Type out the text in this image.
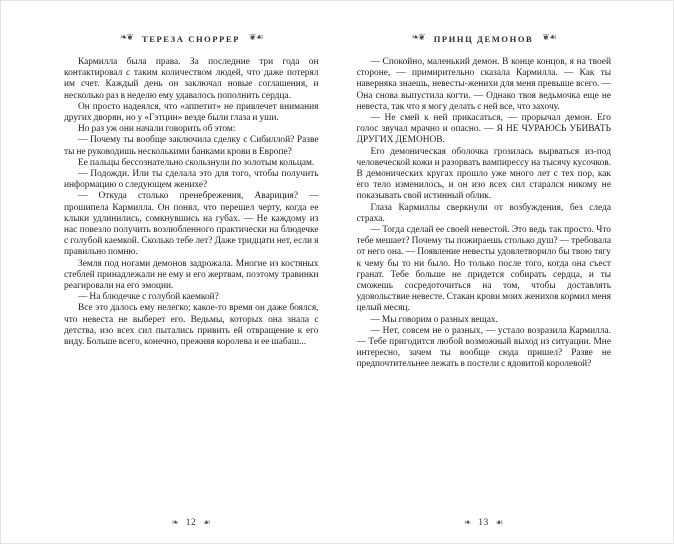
❧❦ ТЕРЕЗА СНОРРЕР ❦☙

Кармилла была права. За последние три года он контактировал с таким количеством людей, что даже потерял им счет. Каждый день он заключал новые соглашения, и несколько раз в неделю ему удавалось пополнить сердца.

Он просто надеялся, что «аппетит» не привлечет внимания других дворян, но у «Гэтцин» везде были глаза и уши.

Но раз уж они начали говорить об этом:

— Почему ты вообще заключила сделку с Сибиллой? Разве ты не руководишь несколькими банками крови в Европе?

Ее пальцы бессознательно скользнули по золотым кольцам.

— Подожди. Или ты сделала это для того, чтобы получить информацию о следующем женихе?

— Откуда столько пренебрежения, Авариция? — прошипела Кармилла. Он понял, что перешел черту, когда ее клыки удлинились, сомкнувшись на губах. — Не каждому из нас повезло получить возлюбленного практически на блюдечке с голубой каемкой. Сколько тебе лет? Даже тридцати нет, если я правильно помню.

Земля под ногами демонов задрожала. Многие из костяных стеблей принадлежали не ему и его жертвам, поэтому травинки реагировали на его эмоции.

— На блюдечке с голубой каемкой?

Все это далось ему нелегко; какое-то время он даже боялся, что невеста не выберет его. Ведьмы, которых она знала с детства, изо всех сил пытались привить ей отвращение к его виду. Больше всего, конечно, прежняя королева и ее шабаш...

❧ 12 ☙
❧❦ ПРИНЦ ДЕМОНОВ ❦☙

— Спокойно, маленький демон. В конце концов, я на твоей стороне, — примирительно сказала Кармилла. — Как ты наверняка знаешь, невесты-женихи для меня превыше всего. — Она снова выпустила когти. — Однако твоя ведьмочка еще не невеста, так что я могу делать с ней все, что захочу.

— Не смей к ней прикасаться, — прорычал демон. Его голос звучал мрачно и опасно. — Я НЕ ЧУРАЮСЬ УБИВАТЬ ДРУГИХ ДЕМОНОВ.

Его демоническая оболочка грозилась вырваться из-под человеческой кожи и разорвать вампирессу на тысячу кусочков. В демонических кругах прошло уже много лет с тех пор, как его тело изменилось, и он изо всех сил старался никому не показывать свой истинный облик.

Глаза Кармиллы сверкнули от возбуждения, без следа страха.

— Тогда сделай ее своей невестой. Это ведь так просто. Что тебе мешает? Почему ты пожираешь столько душ? — требовала от него она. — Появление невесты удовлетворило бы твою тягу к чему бы то ни было. Но только после того, когда она съест гранат. Тебе больше не придется собирать сердца, и ты сможешь сосредоточиться на том, чтобы доставлять удовольствие невесте. Стакан крови моих женихов кормил меня целый месяц.

— Мы говорим о разных вещах.

— Нет, совсем не о разных, — устало возразила Кармилла. — Тебе пригодится любой возможный выход из ситуации. Мне интересно, зачем ты вообще сюда пришел? Разве не предпочтительнее лежать в постели с ядовитой королевой?

❧ 13 ☙
